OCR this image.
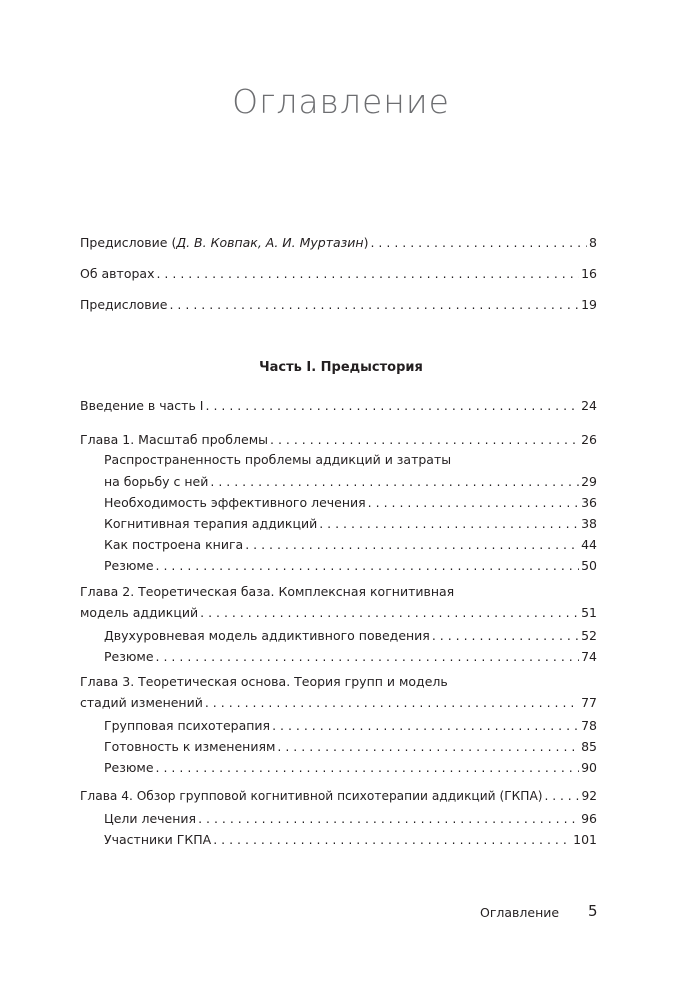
Оглавление
Предисловие (Д. В. Ковпак, А. И. Муртазин) . . .	8
Об авторах . . .	16
Предисловие . . .	19
Введение в часть I . . .	24
Глава 1. Масштаб проблемы . . .	26
Распространенность проблемы аддикций и затраты
на борьбу с ней . . .	29
Необходимость эффективного лечения . . .	36
Когнитивная терапия аддикций . . .	38
Как построена книга . . .	44
Резюме . . .	50
Глава 2. Теоретическая база. Комплексная когнитивная
модель аддикций . . .	51
Двухуровневая модель аддиктивного поведения . . .	52
Резюме . . .	74
Глава 3. Теоретическая основа. Теория групп и модель
стадий изменений . . .	77
Групповая психотерапия . . .	78
Готовность к изменениям . . .	85
Резюме . . .	90
Глава 4. Обзор групповой когнитивной психотерапии аддикций (ГКПА) . . .	92
Цели лечения . . .	96
Участники ГКПА . . .	101
Часть I. Предыстория
Оглавление 5
